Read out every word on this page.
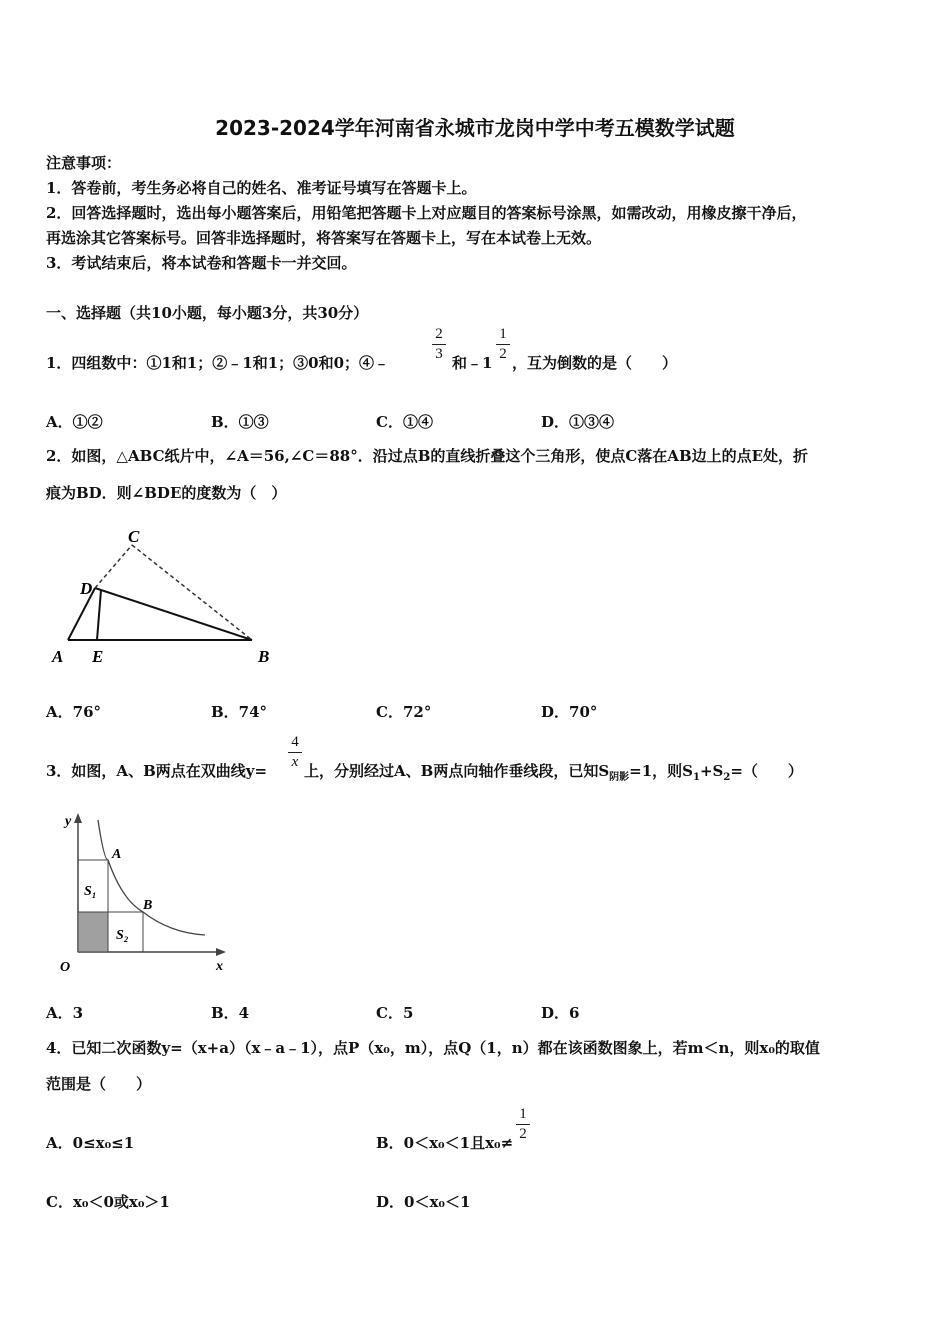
2023-2024学年河南省永城市龙岗中学中考五模数学试题
注意事项：
1．答卷前，考生务必将自己的姓名、准考证号填写在答题卡上。
2．回答选择题时，选出每小题答案后，用铅笔把答题卡上对应题目的答案标号涂黑，如需改动，用橡皮擦干净后，
再选涂其它答案标号。回答非选择题时，将答案写在答题卡上，写在本试卷上无效。
3．考试结束后，将本试卷和答题卡一并交回。
一、选择题（共10小题，每小题3分，共30分）
1．四组数中：①1和1；②﹣1和1；③0和0；④﹣
2
3 和﹣1
1
2 ，互为倒数的是（　　）
A．①②	B．①③	C．①④	D．①③④
2．如图，△ABC纸片中，∠A＝56,∠C＝88°．沿过点B的直线折叠这个三角形，使点C落在AB边上的点E处，折
痕为BD．则∠BDE的度数为（　）
C
D
A E	B
A．76°	B．74°	C．72°	D．70°
3．如图，A、B两点在双曲线y=
4
x 上，分别经过A、B两点向轴作垂线段，已知$S_{阴影}=1$，则$S_1+S_2=$（　　）
y
x
O
A
B
S₁
S₂
A．3	B．4	C．5	D．6
4．已知二次函数y=（x+a）（x﹣a﹣1），点P（x₀，m），点Q（1，n）都在该函数图象上，若m＜n，则x₀的取值
范围是（　　）
A．0≤x₀≤1	B．0＜x₀＜1且x₀≠
1
2
C．x₀＜0或x₀＞1	D．0＜x₀＜1
